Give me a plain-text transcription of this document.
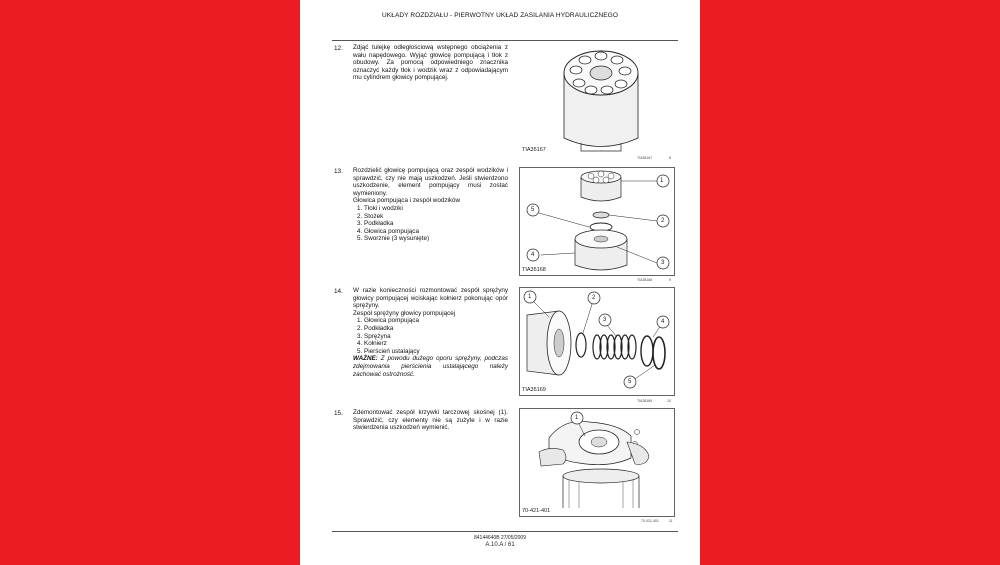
UKŁADY ROZDZIAŁU - PIERWOTNY UKŁAD ZASILANIA HYDRAULICZNEGO
12. Zdjąć tulejkę odległościową wstępnego obciążenia z wału napędowego. Wyjąć głowicę pompującą i tłok z obudowy. Za pomocą odpowiedniego znacznika oznaczyć każdy tłok i wodzik wraz z odpowiadającym mu cylindrem głowicy pompującej.
TIA35167
TIA35167	8
13. Rozdzielić głowicę pompującą oraz zespół wodzików i sprawdzić, czy nie mają uszkodzeń. Jeśli stwierdzono uszkodzenie, element pompujący musi zostać wymieniony.
Głowica pompująca i zespół wodzików
1. Tłoki i wodziki
2. Stożek
3. Podkładka
4. Głowica pompująca
5. Sworznie (3 wysunięte)
1
2
3
4
5
TIA35168
TIA35168	9
14. W razie konieczności rozmontować zespół sprężyny głowicy pompującej wciskając kołnierz pokonując opór sprężyny.
Zespół sprężyny głowicy pompującej
1. Głowica pompująca
2. Podkładka
3. Sprężyna
4. Kołnierz
5. Pierścień ustalający
WAŻNE: Z powodu dużego oporu sprężyny, podczas zdejmowania pierścienia ustalającego należy zachować ostrożność.
1	2
3	4
5
TIA35169
TIA35169	10
15. Zdemontować zespół krzywki tarczowej skośnej (1). Sprawdzić, czy elementy nie są zużyte i w razie stwierdzenia uszkodzeń wymienić.
1
70-421-401
70-421-401	11
84144640B 27/05/2009
A.10.A / 61
